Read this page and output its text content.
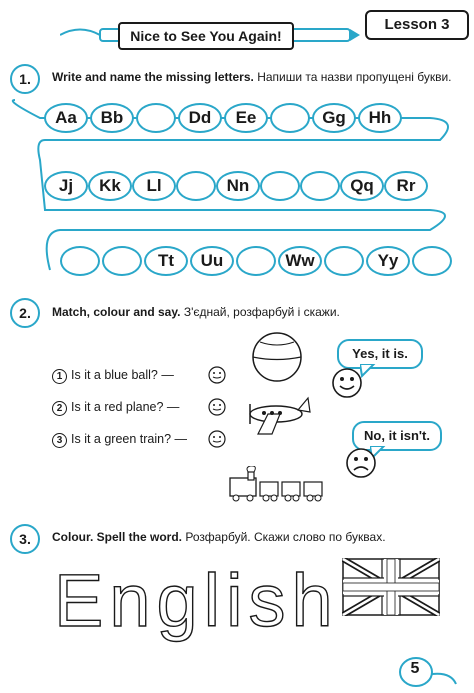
Nice to See You Again!
Lesson 3
1.	Write and name the missing letters. Напиши та назви пропущені букви.
Aa	Bb	Dd	Ee	Gg	Hh
Jj	Kk	Ll	Nn	Qq	Rr
Tt	Uu	Ww	Yy
2.	Match, colour and say. З'єднай, розфарбуй і скажи.
1 Is it a blue ball? —
2 Is it a red plane? —
3 Is it a green train? —
Yes, it is.
No, it isn't.
3.	Colour. Spell the word. Розфарбуй. Скажи слово по буквах.
English
5
